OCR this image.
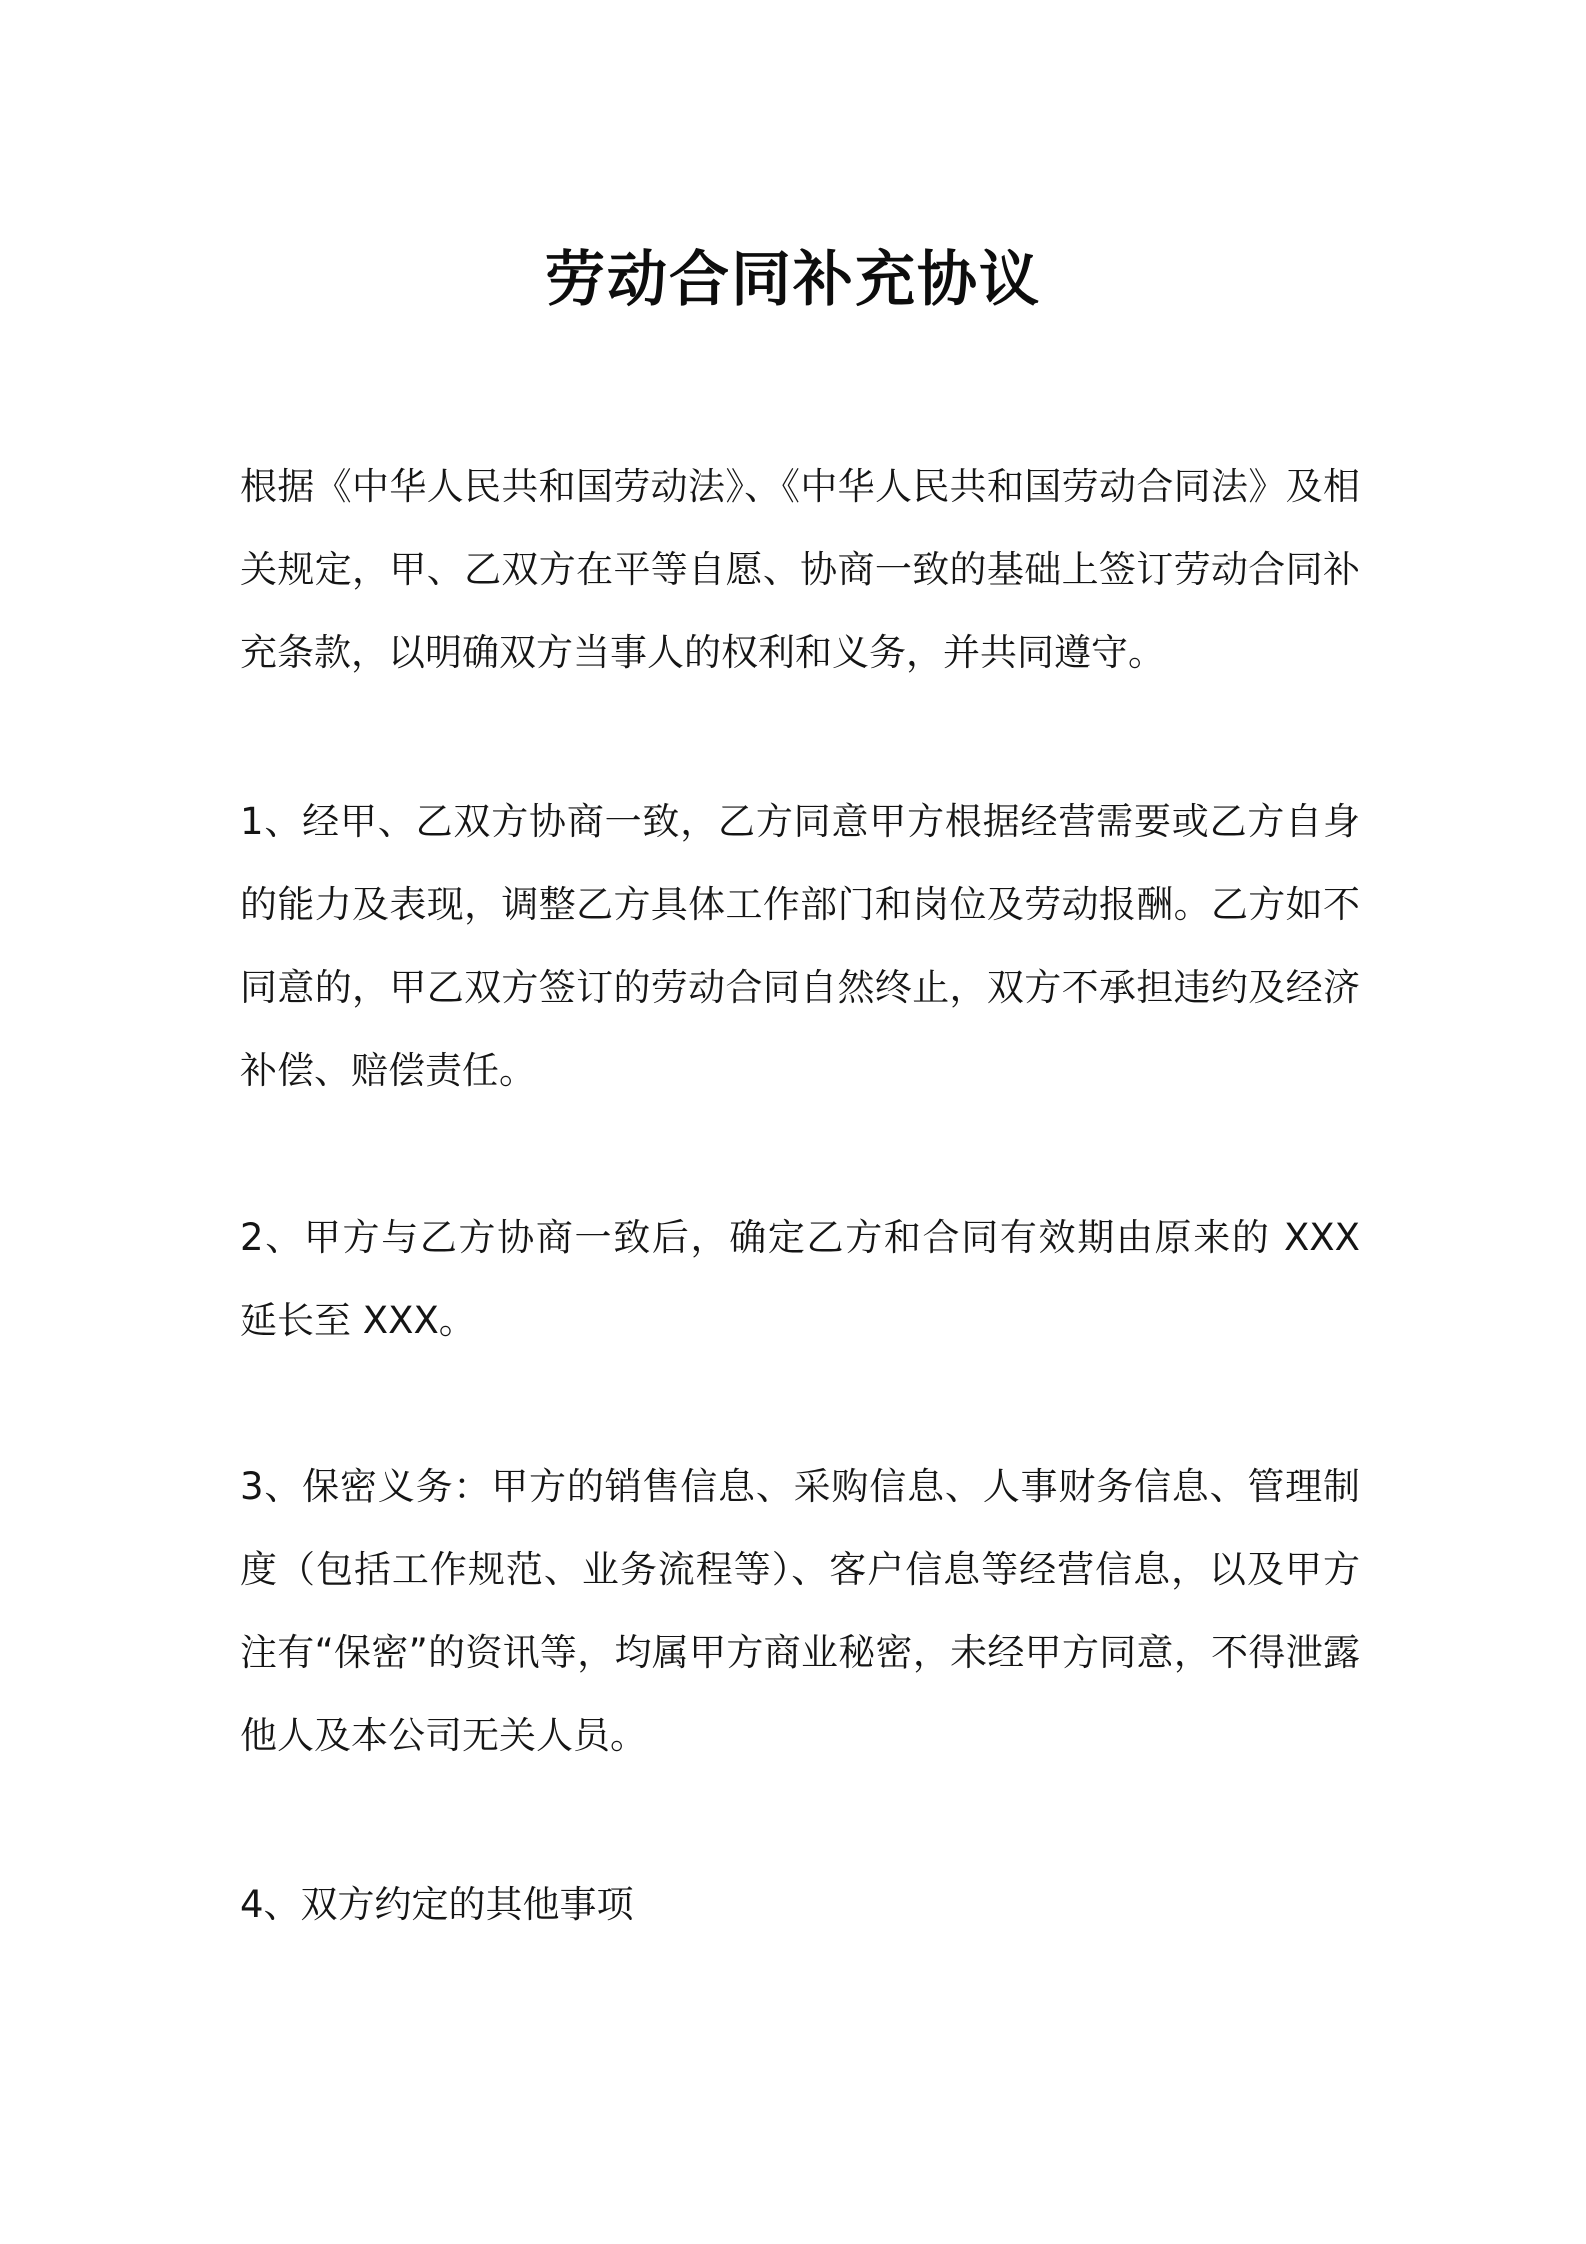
劳动合同补充协议

根据《中华人民共和国劳动法》、《中华人民共和国劳动合同法》及相关规定，甲、乙双方在平等自愿、协商一致的基础上签订劳动合同补充条款，以明确双方当事人的权利和义务，并共同遵守。

1、经甲、乙双方协商一致，乙方同意甲方根据经营需要或乙方自身的能力及表现，调整乙方具体工作部门和岗位及劳动报酬。乙方如不同意的，甲乙双方签订的劳动合同自然终止，双方不承担违约及经济补偿、赔偿责任。

2、甲方与乙方协商一致后，确定乙方和合同有效期由原来的 XXX 延长至 XXX。

3、保密义务：甲方的销售信息、采购信息、人事财务信息、管理制度（包括工作规范、业务流程等）、客户信息等经营信息，以及甲方注有“保密”的资讯等，均属甲方商业秘密，未经甲方同意，不得泄露他人及本公司无关人员。

4、双方约定的其他事项
